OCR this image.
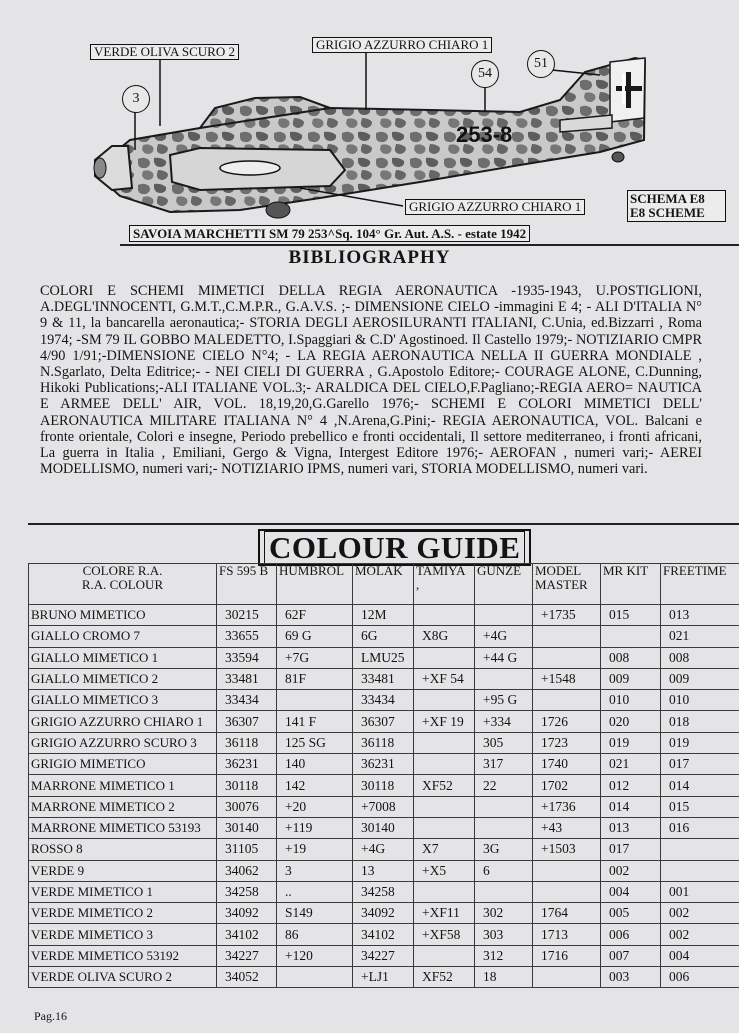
VERDE OLIVA SCURO 2	GRIGIO AZZURRO CHIARO 1
GRIGIO AZZURRO CHIARO 1
3
54
51
253-8
SCHEMA E8
E8 SCHEME
SAVOIA MARCHETTI SM 79 253^Sq. 104° Gr. Aut. A.S. - estate 1942
BIBLIOGRAPHY
COLORI E SCHEMI MIMETICI DELLA REGIA AERONAUTICA -1935-1943, U.POSTIGLIONI, A.DEGL'INNOCENTI, G.M.T.,C.M.P.R., G.A.V.S. ;- DIMENSIONE CIELO -immagini E 4; - ALI D'ITALIA N° 9 & 11, la bancarella aeronautica;- STORIA DEGLI AEROSILURANTI ITALIANI, C.Unia, ed.Bizzarri , Roma 1974; -SM 79 IL GOBBO MALEDETTO, I.Spaggiari & C.D' Agostinoed. Il Castello 1979;- NOTIZIARIO CMPR 4/90 1/91;-DIMENSIONE CIELO N°4; - LA REGIA AERONAUTICA NELLA II GUERRA MONDIALE , N.Sgarlato, Delta Editrice;- - NEI CIELI DI GUERRA , G.Apostolo Editore;- COURAGE ALONE, C.Dunning, Hikoki Publications;-ALI ITALIANE VOL.3;- ARALDICA DEL CIELO,F.Pagliano;-REGIA AERO= NAUTICA E ARMEE DELL' AIR, VOL. 18,19,20,G.Garello 1976;- SCHEMI E COLORI MIMETICI DELL' AERONAUTICA MILITARE ITALIANA N° 4 ,N.Arena,G.Pini;- REGIA AERONAUTICA, VOL. Balcani e fronte orientale, Colori e insegne, Periodo prebellico e fronti occidentali, Il settore mediterraneo, i fronti africani, La guerra in Italia , Emiliani, Gergo & Vigna, Intergest Editore 1976;- AEROFAN , numeri vari;- AEREI MODELLISMO, numeri vari;- NOTIZIARIO IPMS, numeri vari, STORIA MODELLISMO, numeri vari.
COLOUR GUIDE
COLORE R.A.
R.A. COLOUR	FS 595 B	HUMBROL	MOLAK	TAMIYA
,	GUNZE	MODEL
MASTER	MR KIT	FREETIME
BRUNO MIMETICO	30215	62F	12M			+1735	015	013
GIALLO CROMO 7	33655	69 G	6G	X8G	+4G			021
GIALLO MIMETICO 1	33594	+7G	LMU25		+44 G		008	008
GIALLO MIMETICO 2	33481	81F	33481	+XF 54		+1548	009	009
GIALLO MIMETICO 3	33434		33434		+95 G		010	010
GRIGIO AZZURRO CHIARO 1	36307	141 F	36307	+XF 19	+334	1726	020	018
GRIGIO AZZURRO SCURO 3	36118	125 SG	36118		305	1723	019	019
GRIGIO MIMETICO	36231	140	36231		317	1740	021	017
MARRONE MIMETICO 1	30118	142	30118	XF52	22	1702	012	014
MARRONE MIMETICO 2	30076	+20	+7008			+1736	014	015
MARRONE MIMETICO 53193	30140	+119	30140			+43	013	016
ROSSO 8	31105	+19	+4G	X7	3G	+1503	017	
VERDE 9	34062	3	13	+X5	6		002	
VERDE MIMETICO 1	34258	..	34258				004	001
VERDE MIMETICO 2	34092	S149	34092	+XF11	302	1764	005	002
VERDE MIMETICO 3	34102	86	34102	+XF58	303	1713	006	002
VERDE MIMETICO 53192	34227	+120	34227		312	1716	007	004
VERDE OLIVA SCURO 2	34052		+LJ1	XF52	18		003	006
Pag.16
